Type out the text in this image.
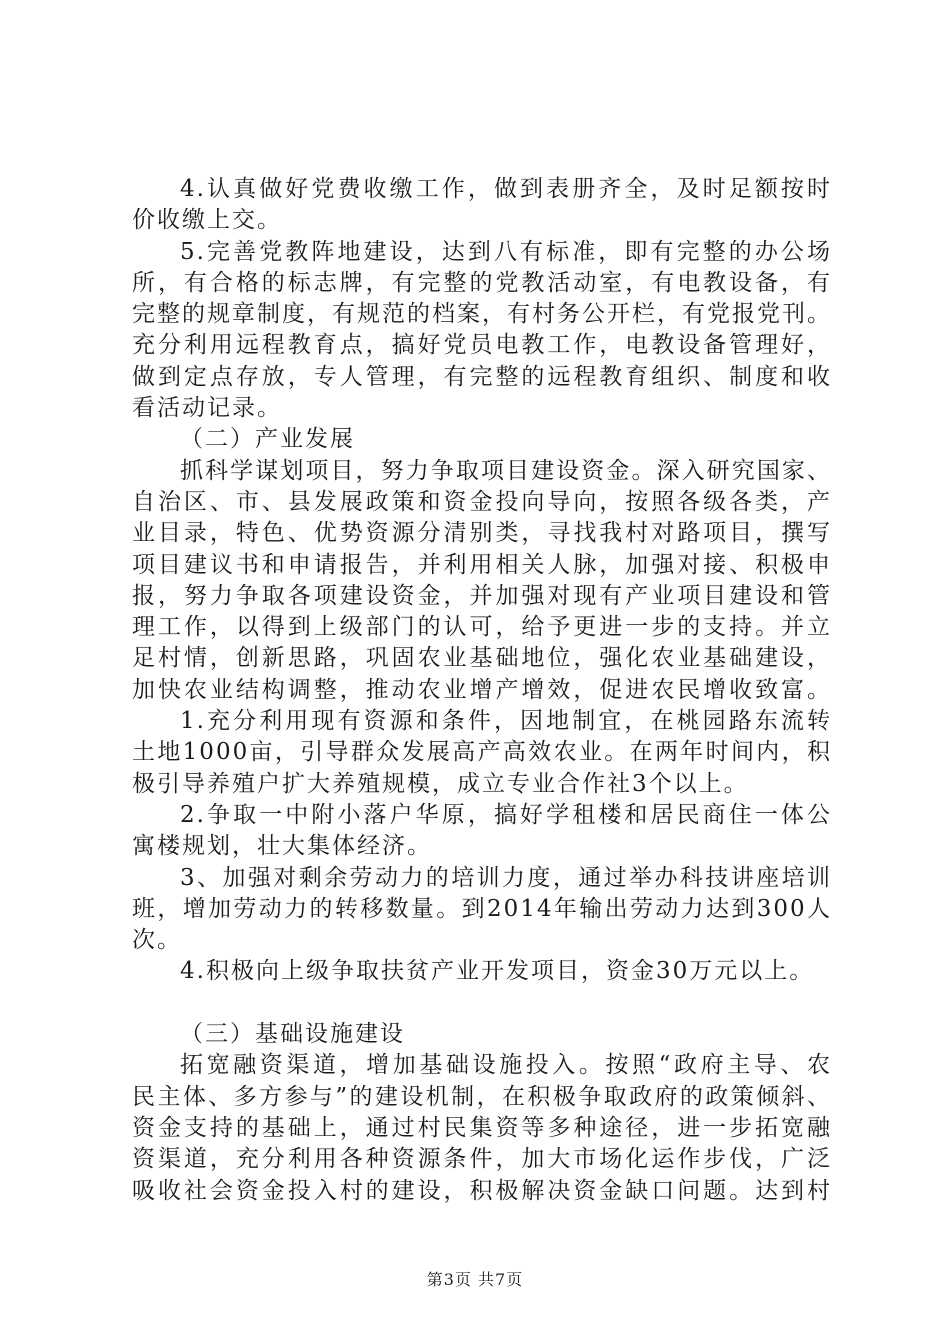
4.认真做好党费收缴工作，做到表册齐全，及时足额按时
价收缴上交。
5.完善党教阵地建设，达到八有标准，即有完整的办公场
所，有合格的标志牌，有完整的党教活动室，有电教设备，有
完整的规章制度，有规范的档案，有村务公开栏，有党报党刊。
充分利用远程教育点，搞好党员电教工作，电教设备管理好，
做到定点存放，专人管理，有完整的远程教育组织、制度和收
看活动记录。
（二）产业发展
抓科学谋划项目，努力争取项目建设资金。深入研究国家、
自治区、市、县发展政策和资金投向导向，按照各级各类，产
业目录，特色、优势资源分清别类，寻找我村对路项目，撰写
项目建议书和申请报告，并利用相关人脉，加强对接、积极申
报，努力争取各项建设资金，并加强对现有产业项目建设和管
理工作，以得到上级部门的认可，给予更进一步的支持。并立
足村情，创新思路，巩固农业基础地位，强化农业基础建设，
加快农业结构调整，推动农业增产增效，促进农民增收致富。
1.充分利用现有资源和条件，因地制宜，在桃园路东流转
土地1000亩，引导群众发展高产高效农业。在两年时间内，积
极引导养殖户扩大养殖规模，成立专业合作社3个以上。
2.争取一中附小落户华原，搞好学租楼和居民商住一体公
寓楼规划，壮大集体经济。
3、加强对剩余劳动力的培训力度，通过举办科技讲座培训
班，增加劳动力的转移数量。到2014年输出劳动力达到300人
次。
4.积极向上级争取扶贫产业开发项目，资金30万元以上。
（三）基础设施建设
拓宽融资渠道，增加基础设施投入。按照“政府主导、农
民主体、多方参与”的建设机制，在积极争取政府的政策倾斜、
资金支持的基础上，通过村民集资等多种途径，进一步拓宽融
资渠道，充分利用各种资源条件，加大市场化运作步伐，广泛
吸收社会资金投入村的建设，积极解决资金缺口问题。达到村
第3页 共7页
